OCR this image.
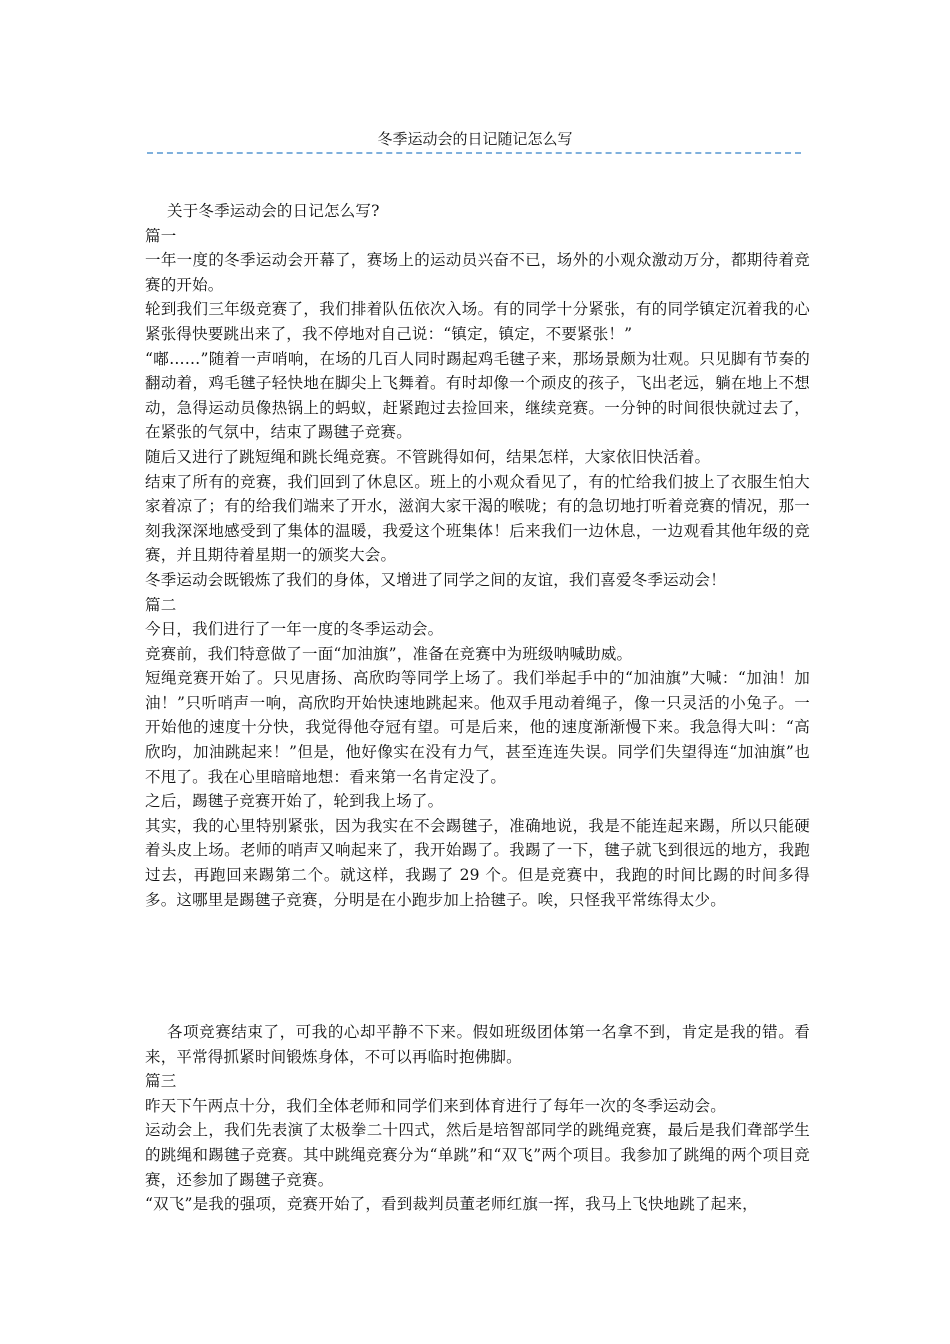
冬季运动会的日记随记怎么写

关于冬季运动会的日记怎么写?

篇一

一年一度的冬季运动会开幕了，赛场上的运动员兴奋不已，场外的小观众激动万分，都期待着竞赛的开始。

轮到我们三年级竞赛了，我们排着队伍依次入场。有的同学十分紧张，有的同学镇定沉着我的心紧张得快要跳出来了，我不停地对自己说：“镇定，镇定，不要紧张！”

“嘟……”随着一声哨响，在场的几百人同时踢起鸡毛毽子来，那场景颇为壮观。只见脚有节奏的翻动着，鸡毛毽子轻快地在脚尖上飞舞着。有时却像一个顽皮的孩子，飞出老远，躺在地上不想动，急得运动员像热锅上的蚂蚁，赶紧跑过去捡回来，继续竞赛。一分钟的时间很快就过去了，在紧张的气氛中，结束了踢毽子竞赛。

随后又进行了跳短绳和跳长绳竞赛。不管跳得如何，结果怎样，大家依旧快活着。

结束了所有的竞赛，我们回到了休息区。班上的小观众看见了，有的忙给我们披上了衣服生怕大家着凉了；有的给我们端来了开水，滋润大家干渴的喉咙；有的急切地打听着竞赛的情况，那一刻我深深地感受到了集体的温暖，我爱这个班集体！后来我们一边休息，一边观看其他年级的竞赛，并且期待着星期一的颁奖大会。

冬季运动会既锻炼了我们的身体，又增进了同学之间的友谊，我们喜爱冬季运动会！

篇二

今日，我们进行了一年一度的冬季运动会。

竞赛前，我们特意做了一面“加油旗”，准备在竞赛中为班级呐喊助威。

短绳竞赛开始了。只见唐扬、高欣昀等同学上场了。我们举起手中的“加油旗”大喊：“加油！加油！”只听哨声一响，高欣昀开始快速地跳起来。他双手甩动着绳子，像一只灵活的小兔子。一开始他的速度十分快，我觉得他夺冠有望。可是后来，他的速度渐渐慢下来。我急得大叫：“高欣昀，加油跳起来！”但是，他好像实在没有力气，甚至连连失误。同学们失望得连“加油旗”也不甩了。我在心里暗暗地想：看来第一名肯定没了。

之后，踢毽子竞赛开始了，轮到我上场了。

其实，我的心里特别紧张，因为我实在不会踢毽子，准确地说，我是不能连起来踢，所以只能硬着头皮上场。老师的哨声又响起来了，我开始踢了。我踢了一下，毽子就飞到很远的地方，我跑过去，再跑回来踢第二个。就这样，我踢了 29 个。但是竞赛中，我跑的时间比踢的时间多得多。这哪里是踢毽子竞赛，分明是在小跑步加上拾毽子。唉，只怪我平常练得太少。

各项竞赛结束了，可我的心却平静不下来。假如班级团体第一名拿不到，肯定是我的错。看来，平常得抓紧时间锻炼身体，不可以再临时抱佛脚。

篇三

昨天下午两点十分，我们全体老师和同学们来到体育进行了每年一次的冬季运动会。

运动会上，我们先表演了太极拳二十四式，然后是培智部同学的跳绳竞赛，最后是我们聋部学生的跳绳和踢毽子竞赛。其中跳绳竞赛分为“单跳”和“双飞”两个项目。我参加了跳绳的两个项目竞赛，还参加了踢毽子竞赛。

“双飞”是我的强项，竞赛开始了，看到裁判员董老师红旗一挥，我马上飞快地跳了起来，
